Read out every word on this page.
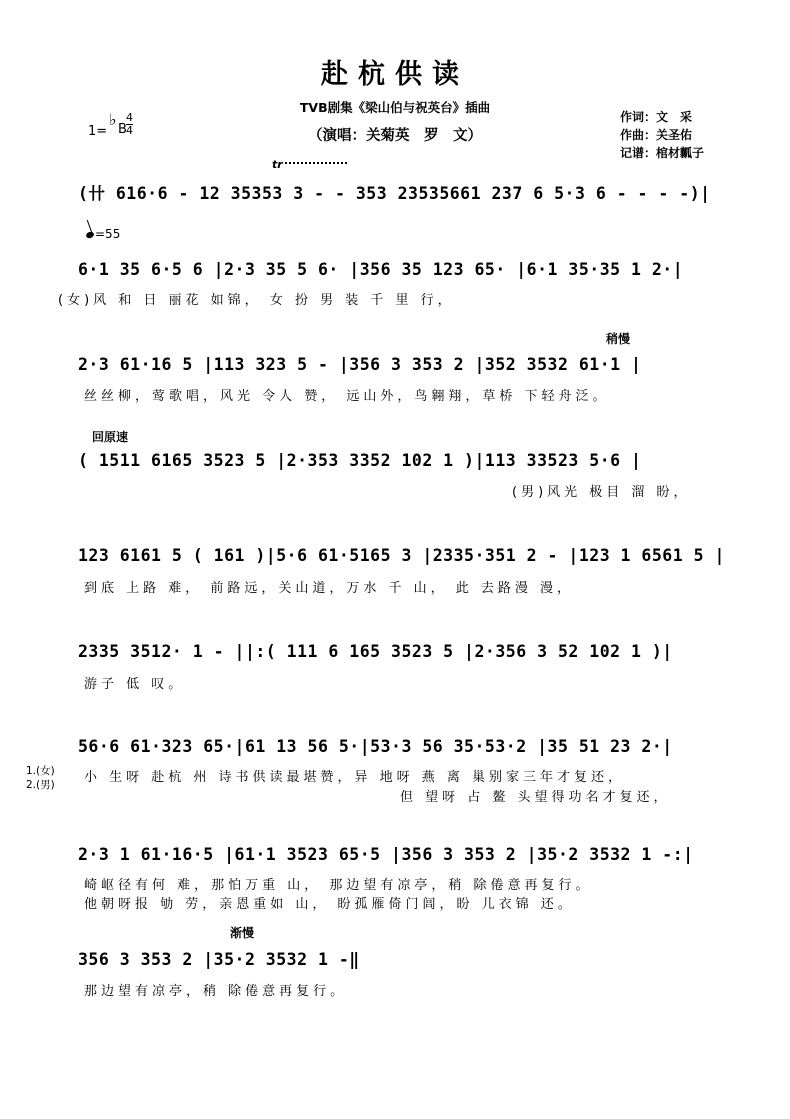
赴杭供读
TVB剧集《梁山伯与祝英台》插曲
（演唱：关菊英　罗　文）
作词：文　采
作曲：关圣佑
记谱：棺材瓤子
1=
♭
B $\frac{4}{4}$
tr
(卄 616·6 - 12 35353 3 - - 353 23535661 237 6 5·3 6 - - - -)|
=55
6·1 35 6·5 6 |2·3 35 5 6· |356 35 123 65· |6·1 35·35 1 2·|
(女)风 和 日 丽花 如锦， 女 扮 男 装 千 里 行，
稍慢
2·3 61·16 5 |113 323 5 - |356 3 353 2 |352 3532 61·1 |
丝丝柳，莺歌唱，风光 令人 赞， 远山外，鸟翱翔，草桥 下轻舟泛。
回原速
( 1511 6165 3523 5 |2·353 3352 102 1 )|113 33523 5·6 |
(男)风光 极目 溜 盼，
123 6161 5 ( 161 )|5·6 61·5165 3 |2335·351 2 - |123 1 6561 5 |
到底 上路 难， 前路远，关山道，万水 千 山， 此 去路漫 漫，
2335 3512· 1 - ||:( 111 6 165 3523 5 |2·356 3 52 102 1 )|
游子 低 叹。
56·6 61·323 65·|61 13 56 5·|53·3 56 35·53·2 |35 51 23 2·|
1.(女)
2.(男) 小 生呀 赴杭 州 诗书供读最堪赞，异 地呀 燕 离 巢别家三年才复还，
但 望呀 占 鳌 头望得功名才复还，
2·3 1 61·16·5 |61·1 3523 65·5 |356 3 353 2 |35·2 3532 1 -:|
崎岖径有何 难，那怕万重 山， 那边望有凉亭，稍 除倦意再复行。
他朝呀报 劬 劳，亲恩重如 山， 盼孤雁倚门闾，盼 儿衣锦 还。
渐慢
356 3 353 2 |35·2 3532 1 -‖
那边望有凉亭，稍 除倦意再复行。
